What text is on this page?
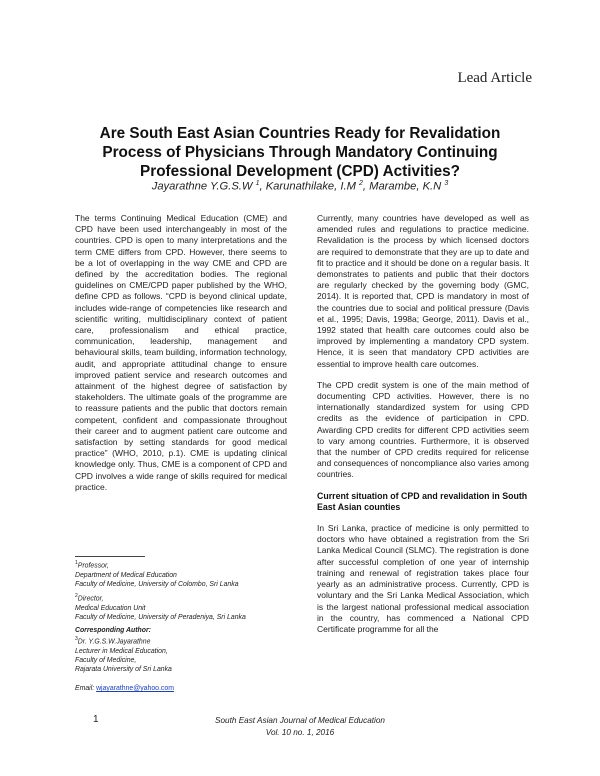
Lead Article
Are South East Asian Countries Ready for Revalidation Process of Physicians Through Mandatory Continuing Professional Development (CPD) Activities?
Jayarathne Y.G.S.W $^1$, Karunathilake, I.M $^2$, Marambe, K.N $^3$

The terms Continuing Medical Education (CME) and CPD have been used interchangeably in most of the countries. CPD is open to many interpretations and the term CME differs from CPD. However, there seems to be a lot of overlapping in the way CME and CPD are defined by the accreditation bodies. The regional guidelines on CME/CPD paper published by the WHO, define CPD as follows. “CPD is beyond clinical update, includes wide-range of competencies like research and scientific writing, multidisciplinary context of patient care, professionalism and ethical practice, communication, leadership, management and behavioural skills, team building, information technology, audit, and appropriate attitudinal change to ensure improved patient service and research outcomes and attainment of the highest degree of satisfaction by stakeholders. The ultimate goals of the programme are to reassure patients and the public that doctors remain competent, confident and compassionate throughout their career and to augment patient care outcome and satisfaction by setting standards for good medical practice” (WHO, 2010, p.1). CME is updating clinical knowledge only. Thus, CME is a component of CPD and CPD involves a wide range of skills required for medical practice.

Currently, many countries have developed as well as amended rules and regulations to practice medicine. Revalidation is the process by which licensed doctors are required to demonstrate that they are up to date and fit to practice and it should be done on a regular basis. It demonstrates to patients and public that their doctors are regularly checked by the governing body (GMC, 2014). It is reported that, CPD is mandatory in most of the countries due to social and political pressure (Davis et al., 1995; Davis, 1998a; George, 2011). Davis et al., 1992 stated that health care outcomes could also be improved by implementing a mandatory CPD system. Hence, it is seen that mandatory CPD activities are essential to improve health care outcomes.

The CPD credit system is one of the main method of documenting CPD activities. However, there is no internationally standardized system for using CPD credits as the evidence of participation in CPD. Awarding CPD credits for different CPD activities seem to vary among countries. Furthermore, it is observed that the number of CPD credits required for relicense and consequences of noncompliance also varies among countries.

Current situation of CPD and revalidation in South East Asian counties

In Sri Lanka, practice of medicine is only permitted to doctors who have obtained a registration from the Sri Lanka Medical Council (SLMC). The registration is done after successful completion of one year of internship training and renewal of registration takes place four yearly as an administrative process. Currently, CPD is voluntary and the Sri Lanka Medical Association, which is the largest national professional medical association in the country, has commenced a National CPD Certificate programme for all the

$^1$Professor,
Department of Medical Education
Faculty of Medicine, University of Colombo, Sri Lanka
$^2$Director,
Medical Education Unit
Faculty of Medicine, University of Peradeniya, Sri Lanka
Corresponding Author:
$^3$Dr. Y.G.S.W.Jayarathne
Lecturer in Medical Education,
Faculty of Medicine,
Rajarata University of Sri Lanka
Email: wjayarathne@yahoo.com
1	South East Asian Journal of Medical Education
Vol. 10 no. 1, 2016
